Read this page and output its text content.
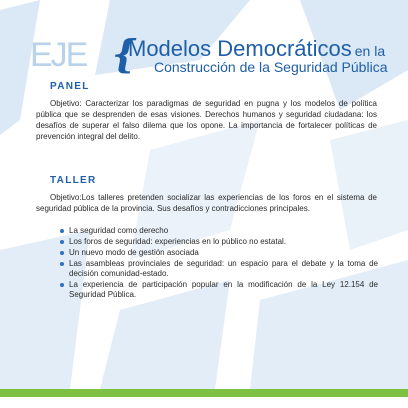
EJE {
Modelos Democráticos en la
Construcción de la Seguridad Pública
PANEL

Objetivo: Caracterizar los paradigmas de seguridad en pugna y los modelos de política pública que se desprenden de esas visiones. Derechos humanos y seguridad ciudadana: los desafíos de superar el falso dilema que los opone. La importancia de fortalecer políticas de prevención integral del delito.

TALLER

Objetivo:Los talleres pretenden socializar las experiencias de los foros en el sistema de seguridad pública de la provincia. Sus desafíos y contradicciones principales.

La seguridad como derecho
Los foros de seguridad: experiencias en lo público no estatal.
Un nuevo modo de gestión asociada
Las asambleas provinciales de seguridad: un espacio para el debate y la toma de decisión comunidad-estado.
La experiencia de participación popular en la modificación de la Ley 12.154 de Seguridad Pública.
